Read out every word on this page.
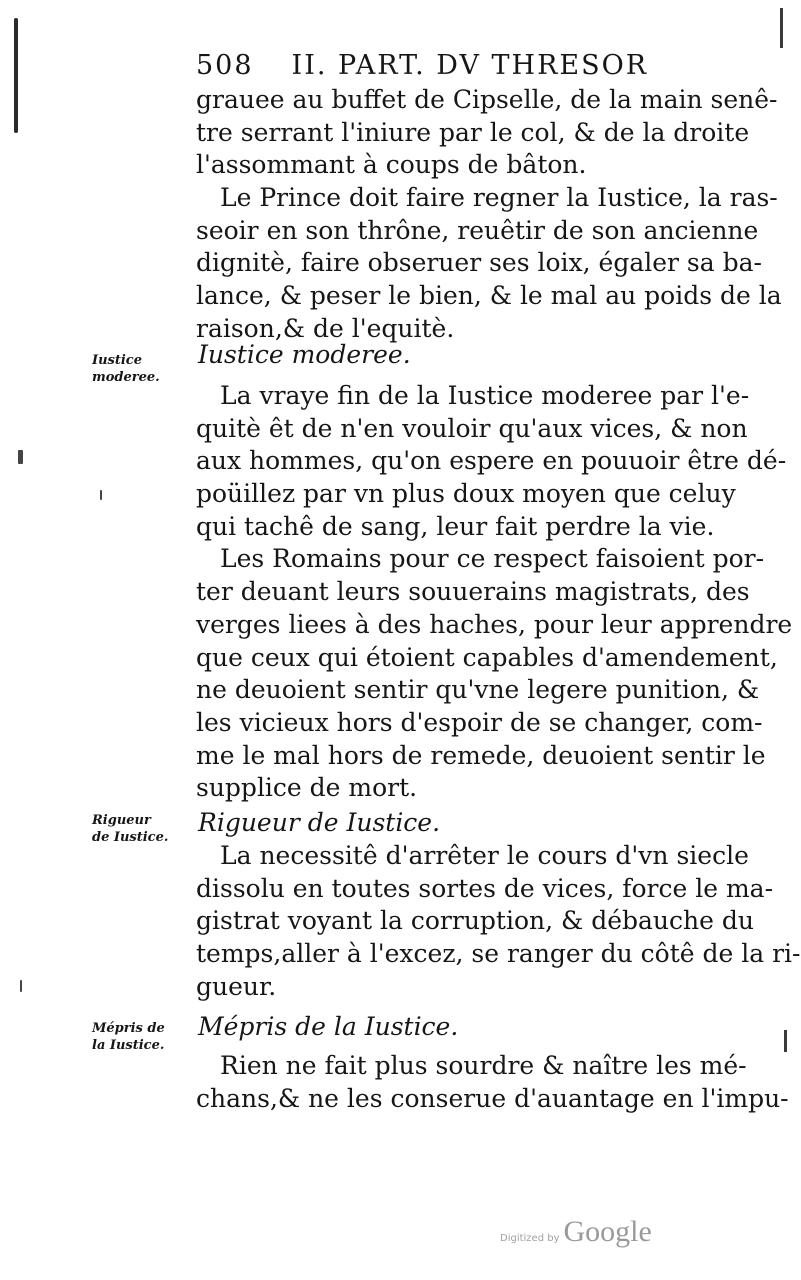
508 II. PART. DV THRESOR
grauee au buffet de Cipselle, de la main senê-
tre serrant l'iniure par le col, & de la droite
l'assommant à coups de bâton.
Le Prince doit faire regner la Iustice, la ras-
seoir en son thrône, reuêtir de son ancienne
dignitè, faire obseruer ses loix, égaler sa ba-
lance, & peser le bien, & le mal au poids de la
raison,& de l'equitè.
Iustice moderee.
Iustice
moderee.
La vraye fin de la Iustice moderee par l'e-
quitè êt de n'en vouloir qu'aux vices, & non
aux hommes, qu'on espere en pouuoir être dé-
poüillez par vn plus doux moyen que celuy
qui tachê de sang, leur fait perdre la vie.
Les Romains pour ce respect faisoient por-
ter deuant leurs souuerains magistrats, des
verges liees à des haches, pour leur apprendre
que ceux qui étoient capables d'amendement,
ne deuoient sentir qu'vne legere punition, &
les vicieux hors d'espoir de se changer, com-
me le mal hors de remede, deuoient sentir le
supplice de mort.
Rigueur de Iustice.
Rigueur
de Iustice.
La necessitê d'arrêter le cours d'vn siecle
dissolu en toutes sortes de vices, force le ma-
gistrat voyant la corruption, & débauche du
temps,aller à l'excez, se ranger du côtê de la ri-
gueur.
Mépris de la Iustice.
Mépris de
la Iustice.
Rien ne fait plus sourdre & naître les mé-
chans,& ne les conserue d'auantage en l'impu-
Digitized by Google
